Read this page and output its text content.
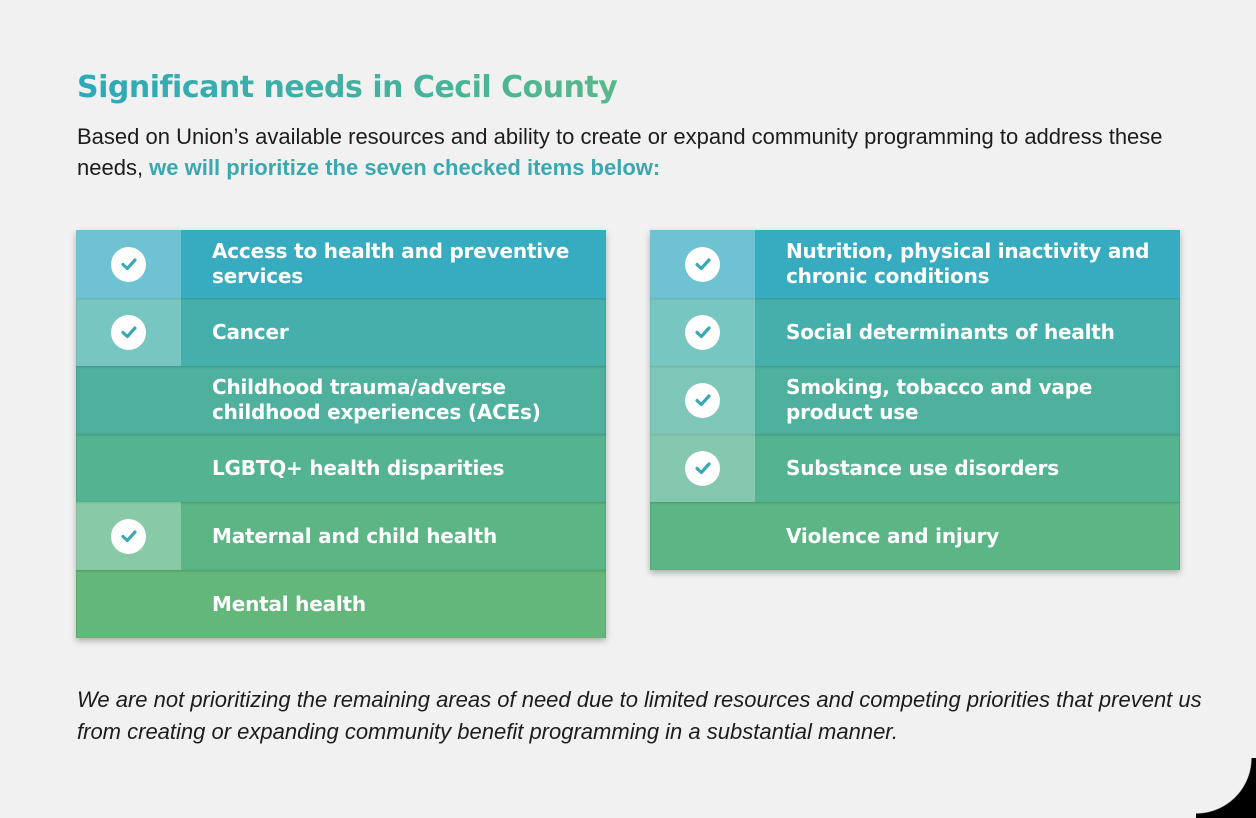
Significant needs in Cecil County

Based on Union’s available resources and ability to create or expand community programming to address these needs, we will prioritize the seven checked items below:

Access to health and preventive services
Cancer
Childhood trauma/adverse childhood experiences (ACEs)
LGBTQ+ health disparities
Maternal and child health
Mental health
Nutrition, physical inactivity and chronic conditions
Social determinants of health
Smoking, tobacco and vape product use
Substance use disorders
Violence and injury

We are not prioritizing the remaining areas of need due to limited resources and competing priorities that prevent us from creating or expanding community benefit programming in a substantial manner.
